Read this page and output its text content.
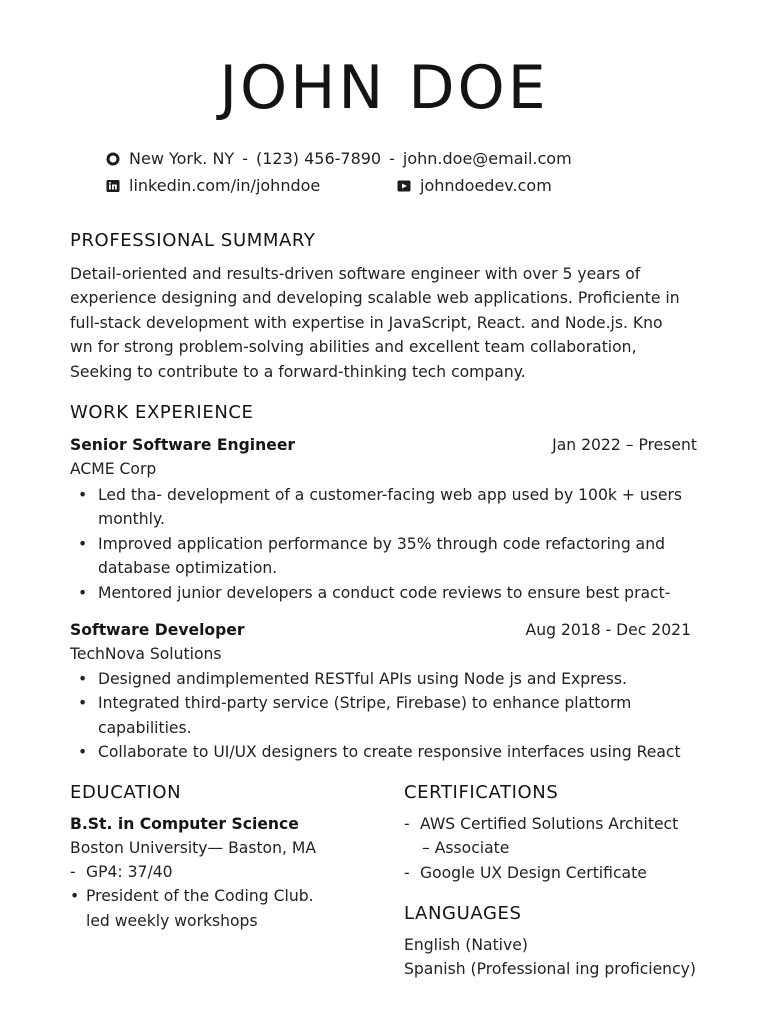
JOHN DOE
New York. NY - (123) 456-7890 - john.doe@email.com
linkedin.com/in/johndoe	johndoedev.com
PROFESSIONAL SUMMARY

Detail-oriented and results-driven software engineer with over 5 years of
experience designing and developing scalable web applications. Proficiente in
full-stack development with expertise in JavaScript, React. and Node.js. Kno
wn for strong problem-solving abilities and excellent team collaboration,
Seeking to contribute to a forward-thinking tech company.

WORK EXPERIENCE
Senior Software Engineer	Jan 2022 – Present
ACME Corp
• Led tha- development of a customer-facing web app used by 100k + users
monthly.
• Improved application performance by 35% through code refactoring and
database optimization.
• Mentored junior developers a conduct code reviews to ensure best pract-
Software Developer	Aug 2018 - Dec 2021
TechNova Solutions
• Designed andimplemented RESTful APIs using Node js and Express.
• Integrated third-party service (Stripe, Firebase) to enhance plattorm
capabilities.
• Collaborate to UI/UX designers to create responsive interfaces using React
EDUCATION
B.St. in Computer Science
Boston University— Baston, MA
- GP4: 37/40
• President of the Coding Club.
led weekly workshops
CERTIFICATIONS
- AWS Certified Solutions Architect
– Associate
- Google UX Design Certificate
LANGUAGES
English (Native)
Spanish (Professional ing proficiency)
